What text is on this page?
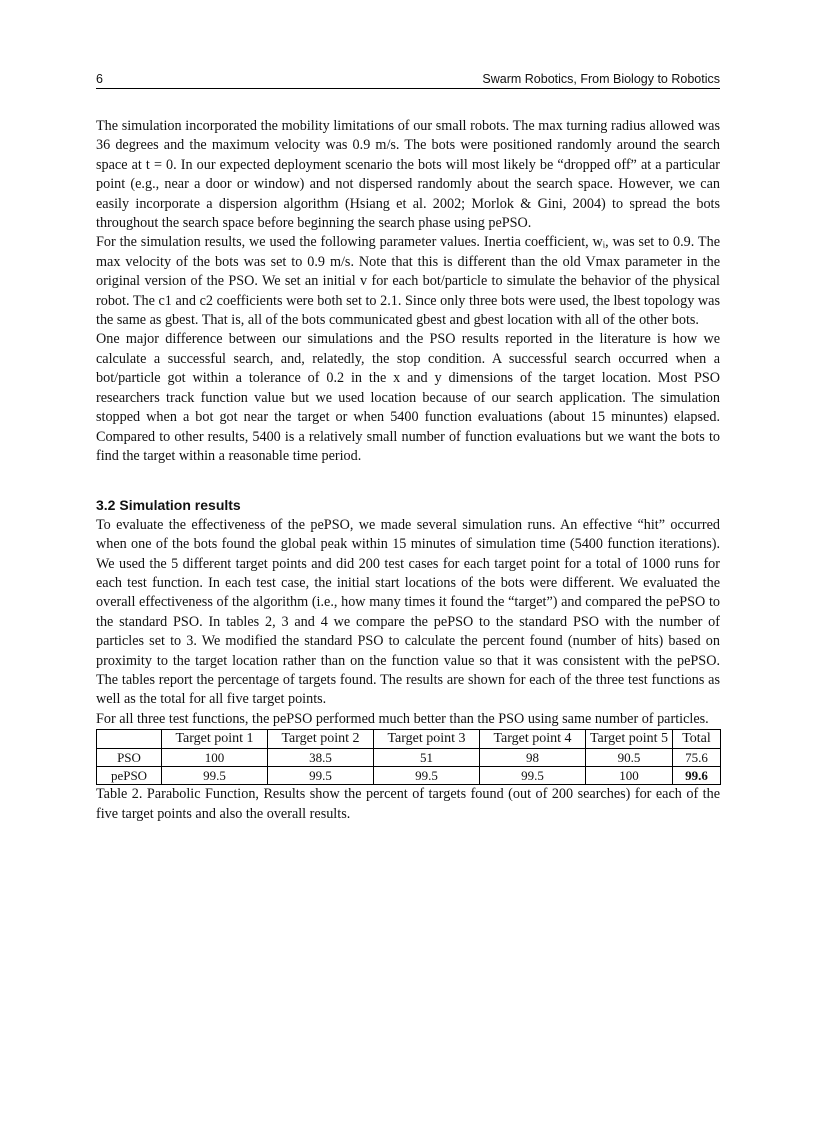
6	Swarm Robotics, From Biology to Robotics

The simulation incorporated the mobility limitations of our small robots. The max turning radius allowed was 36 degrees and the maximum velocity was 0.9 m/s. The bots were positioned randomly around the search space at t = 0. In our expected deployment scenario the bots will most likely be “dropped off” at a particular point (e.g., near a door or window) and not dispersed randomly about the search space. However, we can easily incorporate a dispersion algorithm (Hsiang et al. 2002; Morlok & Gini, 2004) to spread the bots throughout the search space before beginning the search phase using pePSO.

For the simulation results, we used the following parameter values. Inertia coefficient, wᵢ, was set to 0.9. The max velocity of the bots was set to 0.9 m/s. Note that this is different than the old Vmax parameter in the original version of the PSO. We set an initial v for each bot/particle to simulate the behavior of the physical robot. The c1 and c2 coefficients were both set to 2.1. Since only three bots were used, the lbest topology was the same as gbest. That is, all of the bots communicated gbest and gbest location with all of the other bots.

One major difference between our simulations and the PSO results reported in the literature is how we calculate a successful search, and, relatedly, the stop condition. A successful search occurred when a bot/particle got within a tolerance of 0.2 in the x and y dimensions of the target location. Most PSO researchers track function value but we used location because of our search application. The simulation stopped when a bot got near the target or when 5400 function evaluations (about 15 minuntes) elapsed. Compared to other results, 5400 is a relatively small number of function evaluations but we want the bots to find the target within a reasonable time period.

3.2 Simulation results

To evaluate the effectiveness of the pePSO, we made several simulation runs. An effective “hit” occurred when one of the bots found the global peak within 15 minutes of simulation time (5400 function iterations). We used the 5 different target points and did 200 test cases for each target point for a total of 1000 runs for each test function. In each test case, the initial start locations of the bots were different. We evaluated the overall effectiveness of the algorithm (i.e., how many times it found the “target”) and compared the pePSO to the standard PSO. In tables 2, 3 and 4 we compare the pePSO to the standard PSO with the number of particles set to 3. We modified the standard PSO to calculate the percent found (number of hits) based on proximity to the target location rather than on the function value so that it was consistent with the pePSO. The tables report the percentage of targets found. The results are shown for each of the three test functions as well as the total for all five target points.

For all three test functions, the pePSO performed much better than the PSO using same number of particles.

	Target point 1	Target point 2	Target point 3	Target point 4	Target point 5	Total
PSO	100	38.5	51	98	90.5	75.6
pePSO	99.5	99.5	99.5	99.5	100	99.6
Table 2. Parabolic Function, Results show the percent of targets found (out of 200 searches) for each of the five target points and also the overall results.
